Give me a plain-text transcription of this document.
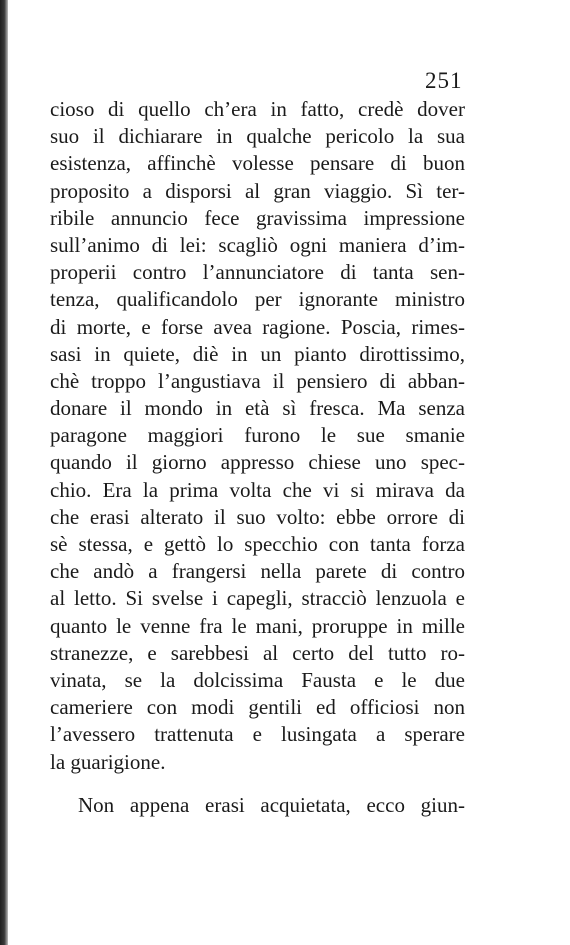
251
cioso di quello ch’era in fatto, credè dover
suo il dichiarare in qualche pericolo la sua
esistenza, affinchè volesse pensare di buon
proposito a disporsi al gran viaggio. Sì ter-
ribile annuncio fece gravissima impressione
sull’animo di lei: scagliò ogni maniera d’im-
properii contro l’annunciatore di tanta sen-
tenza, qualificandolo per ignorante ministro
di morte, e forse avea ragione. Poscia, rimes-
sasi in quiete, diè in un pianto dirottissimo,
chè troppo l’angustiava il pensiero di abban-
donare il mondo in età sì fresca. Ma senza
paragone maggiori furono le sue smanie
quando il giorno appresso chiese uno spec-
chio. Era la prima volta che vi si mirava da
che erasi alterato il suo volto: ebbe orrore di
sè stessa, e gettò lo specchio con tanta forza
che andò a frangersi nella parete di contro
al letto. Si svelse i capegli, stracciò lenzuola e
quanto le venne fra le mani, proruppe in mille
stranezze, e sarebbesi al certo del tutto ro-
vinata, se la dolcissima Fausta e le due
cameriere con modi gentili ed officiosi non
l’avessero trattenuta e lusingata a sperare
la guarigione.
Non appena erasi acquietata, ecco giun-
